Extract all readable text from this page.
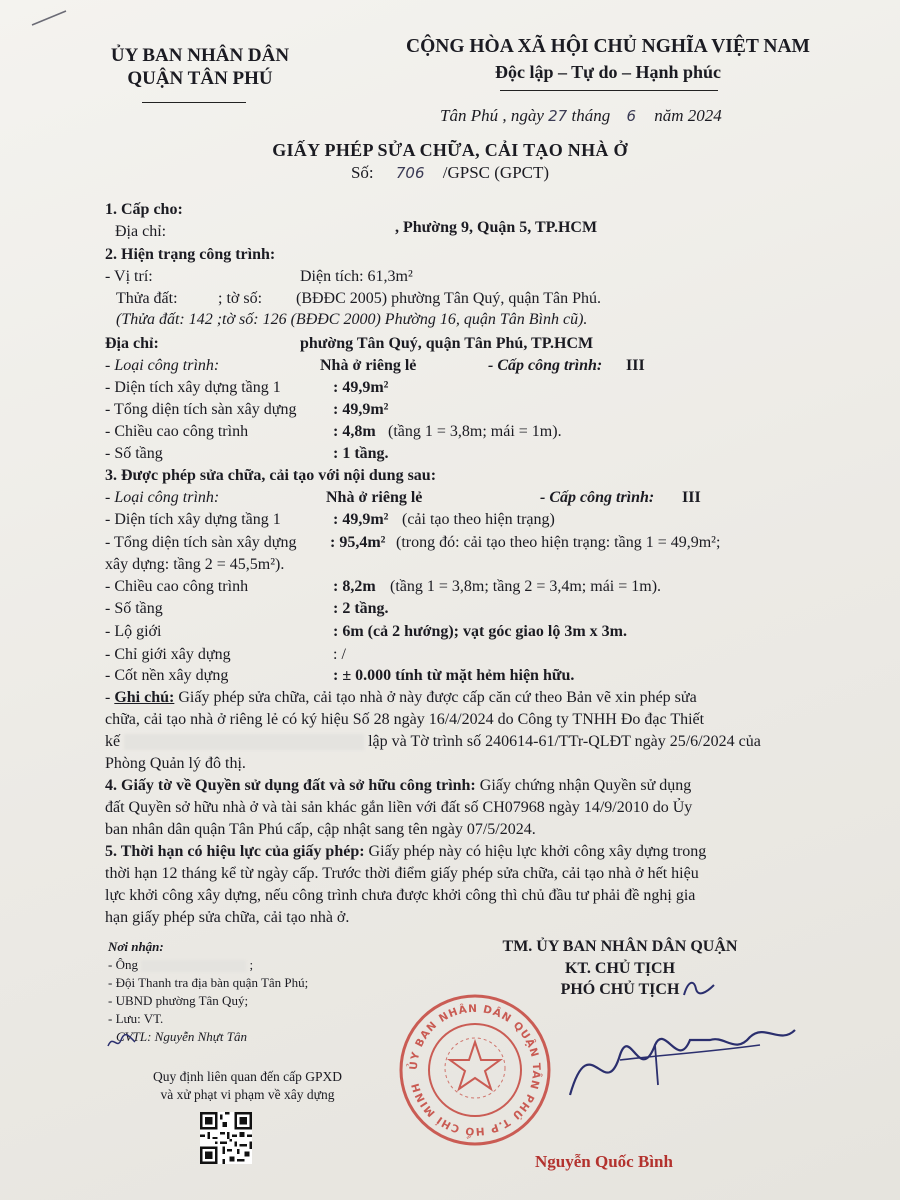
ỦY BAN NHÂN DÂN
QUẬN TÂN PHÚ
CỘNG HÒA XÃ HỘI CHỦ NGHĨA VIỆT NAM
Độc lập – Tự do – Hạnh phúc
Tân Phú , ngày 27 tháng 6 năm 2024
GIẤY PHÉP SỬA CHỮA, CẢI TẠO NHÀ Ở
Số: 706 /GPSC (GPCT)
1. Cấp cho:
Địa chỉ:	, Phường 9, Quận 5, TP.HCM
2. Hiện trạng công trình:
- Vị trí:	Diện tích: 61,3m²
Thửa đất:	; tờ số: (BĐĐC 2005) phường Tân Quý, quận Tân Phú.
(Thửa đất: 142 ;tờ số: 126 (BĐĐC 2000) Phường 16, quận Tân Bình cũ).
Địa chỉ:	phường Tân Quý, quận Tân Phú, TP.HCM
- Loại công trình:	Nhà ở riêng lẻ	- Cấp công trình: III
- Diện tích xây dựng tầng 1	: 49,9m²
- Tổng diện tích sàn xây dựng : 49,9m²
- Chiều cao công trình	: 4,8m (tầng 1 = 3,8m; mái = 1m).
- Số tầng	: 1 tầng.
3. Được phép sửa chữa, cải tạo với nội dung sau:
- Loại công trình:	Nhà ở riêng lẻ	- Cấp công trình: III
- Diện tích xây dựng tầng 1	: 49,9m² (cải tạo theo hiện trạng)
- Tổng diện tích sàn xây dựng : 95,4m² (trong đó: cải tạo theo hiện trạng: tầng 1 = 49,9m²;
xây dựng: tầng 2 = 45,5m²).
- Chiều cao công trình	: 8,2m (tầng 1 = 3,8m; tầng 2 = 3,4m; mái = 1m).
- Số tầng	: 2 tầng.
- Lộ giới	: 6m (cả 2 hướng); vạt góc giao lộ 3m x 3m.
- Chỉ giới xây dựng	: /
- Cốt nền xây dựng	: ± 0.000 tính từ mặt hẻm hiện hữu.
- Ghi chú: Giấy phép sửa chữa, cải tạo nhà ở này được cấp căn cứ theo Bản vẽ xin phép sửa
chữa, cải tạo nhà ở riêng lẻ có ký hiệu Số 28 ngày 16/4/2024 do Công ty TNHH Đo đạc Thiết
kế	lập và Tờ trình số 240614-61/TTr-QLĐT ngày 25/6/2024 của
Phòng Quản lý đô thị.
4. Giấy tờ về Quyền sử dụng đất và sở hữu công trình: Giấy chứng nhận Quyền sử dụng
đất Quyền sở hữu nhà ở và tài sản khác gắn liền với đất số CH07968 ngày 14/9/2010 do Ủy
ban nhân dân quận Tân Phú cấp, cập nhật sang tên ngày 07/5/2024.
5. Thời hạn có hiệu lực của giấy phép: Giấy phép này có hiệu lực khởi công xây dựng trong
thời hạn 12 tháng kể từ ngày cấp. Trước thời điểm giấy phép sửa chữa, cải tạo nhà ở hết hiệu
lực khởi công xây dựng, nếu công trình chưa được khởi công thì chủ đầu tư phải đề nghị gia
hạn giấy phép sửa chữa, cải tạo nhà ở.
Nơi nhận:
- Ông	;
- Đội Thanh tra địa bàn quận Tân Phú;
- UBND phường Tân Quý;
- Lưu: VT.
CVTL: Nguyễn Nhựt Tân
Quy định liên quan đến cấp GPXD
và xử phạt vi phạm về xây dựng
TM. ỦY BAN NHÂN DÂN QUẬN
KT. CHỦ TỊCH
PHÓ CHỦ TỊCH
ỦY BAN NHÂN DÂN QUẬN TÂN PHÚ T.P HỒ CHÍ MINH
Nguyễn Quốc Bình
